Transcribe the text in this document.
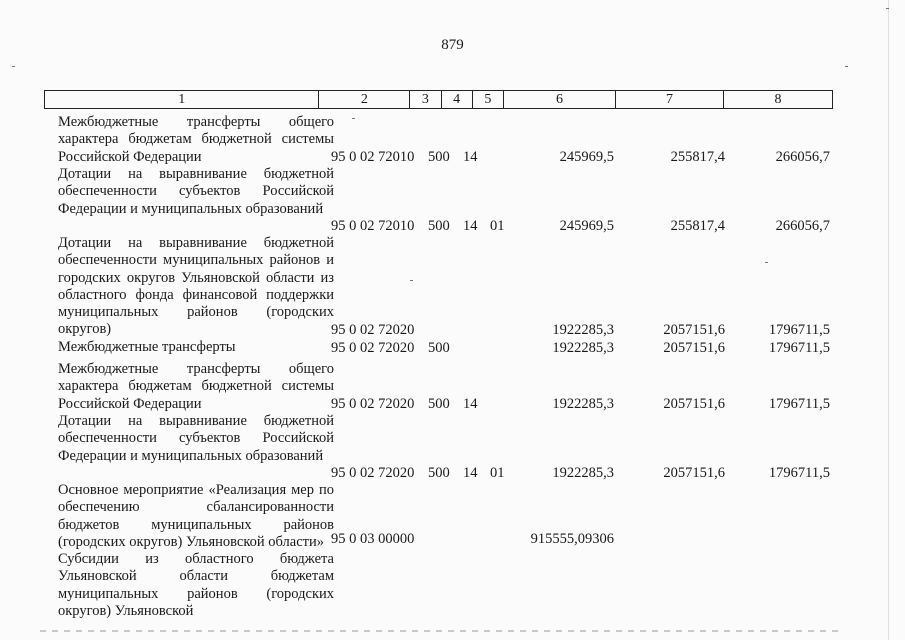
879
1	2	3	4	5	6	7	8
Межбюджетные трансферты общего характера бюджетам бюджетной системы Российской Федерации	95 0 02 72010 500 14	245969,5	255817,4	266056,7
Дотации на выравнивание бюджетной обеспеченности субъектов Российской Федерации и муниципальных образований
95 0 02 72010 500 14 01	245969,5	255817,4	266056,7
Дотации на выравнивание бюджетной обеспеченности муниципальных районов и городских округов Ульяновской области из областного фонда финансовой поддержки муниципальных районов (городских округов)	95 0 02 72020	1922285,3	2057151,6	1796711,5
Межбюджетные трансферты	95 0 02 72020 500	1922285,3	2057151,6	1796711,5
Межбюджетные трансферты общего характера бюджетам бюджетной системы Российской Федерации	95 0 02 72020 500 14	1922285,3	2057151,6	1796711,5
Дотации на выравнивание бюджетной обеспеченности субъектов Российской Федерации и муниципальных образований
95 0 02 72020 500 14 01	1922285,3	2057151,6	1796711,5
Основное мероприятие «Реализация мер по обеспечению сбалансированности бюджетов муниципальных районов (городских округов) Ульяновской области» 95 0 03 00000	915555,09306
Субсидии из областного бюджета Ульяновской области бюджетам муниципальных районов (городских округов) Ульяновской
